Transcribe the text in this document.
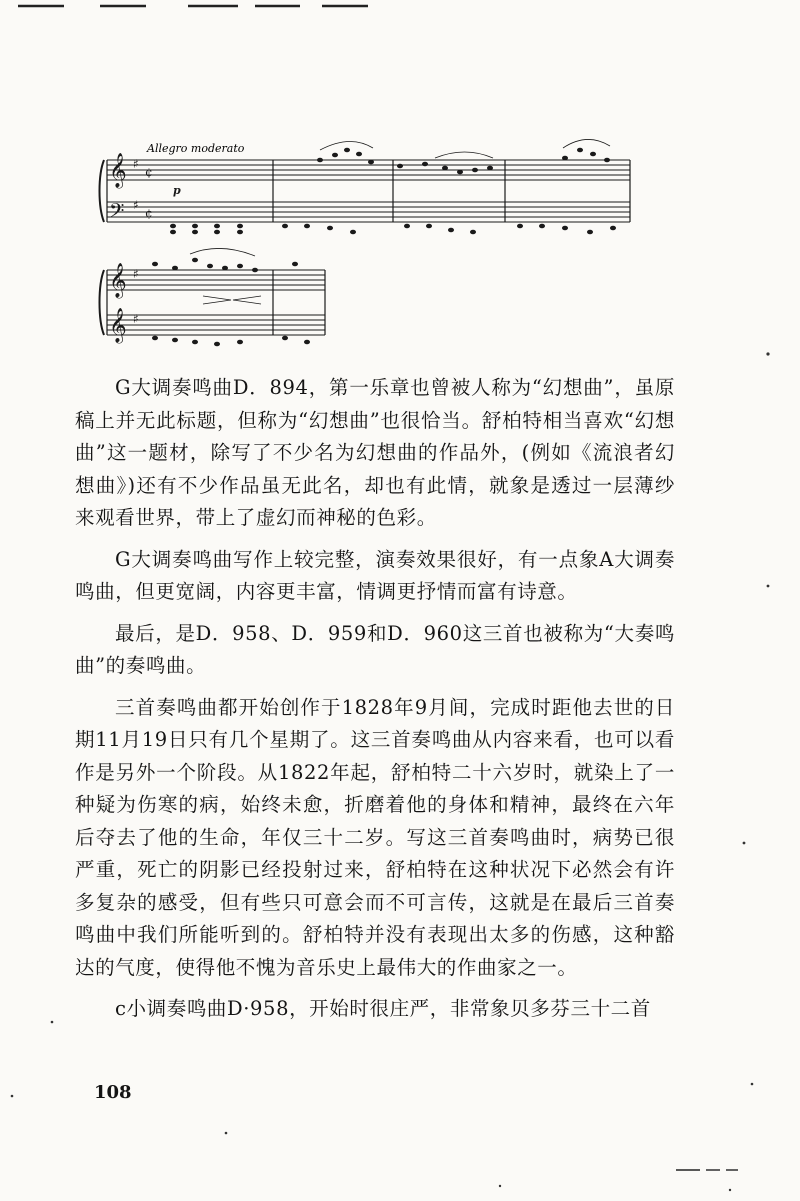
Allegro moderato
𝄞
𝄢
♯
♯
¢
¢
p
𝄞
𝄞
♯
♯

G大调奏鸣曲D．894，第一乐章也曾被人称为“幻想曲”，虽原稿上并无此标题，但称为“幻想曲”也很恰当。舒柏特相当喜欢“幻想曲”这一题材，除写了不少名为幻想曲的作品外，(例如《流浪者幻想曲》)还有不少作品虽无此名，却也有此情，就象是透过一层薄纱来观看世界，带上了虚幻而神秘的色彩。

G大调奏鸣曲写作上较完整，演奏效果很好，有一点象A大调奏鸣曲，但更宽阔，内容更丰富，情调更抒情而富有诗意。

最后，是D．958、D．959和D．960这三首也被称为“大奏鸣曲”的奏鸣曲。

三首奏鸣曲都开始创作于1828年9月间，完成时距他去世的日期11月19日只有几个星期了。这三首奏鸣曲从内容来看，也可以看作是另外一个阶段。从1822年起，舒柏特二十六岁时，就染上了一种疑为伤寒的病，始终未愈，折磨着他的身体和精神，最终在六年后夺去了他的生命，年仅三十二岁。写这三首奏鸣曲时，病势已很严重，死亡的阴影已经投射过来，舒柏特在这种状况下必然会有许多复杂的感受，但有些只可意会而不可言传，这就是在最后三首奏鸣曲中我们所能听到的。舒柏特并没有表现出太多的伤感，这种豁达的气度，使得他不愧为音乐史上最伟大的作曲家之一。

c小调奏鸣曲D·958，开始时很庄严，非常象贝多芬三十二首

108
